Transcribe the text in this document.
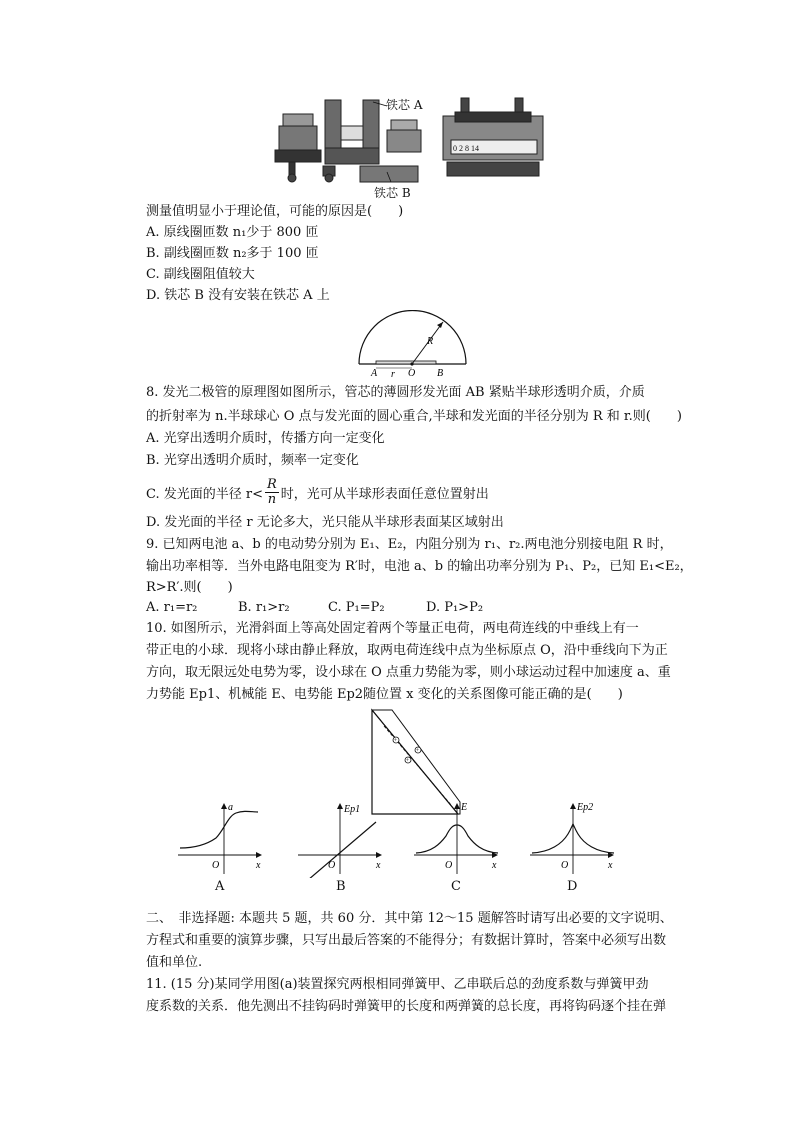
0 2 8 14
铁芯 A
铁芯 B
测量值明显小于理论值，可能的原因是(　　)
A. 原线圈匝数 n₁少于 800 匝
B. 副线圈匝数 n₂多于 100 匝
C. 副线圈阻值较大
D. 铁芯 B 没有安装在铁芯 A 上
R
A r O B
8. 发光二极管的原理图如图所示，管芯的薄圆形发光面 AB 紧贴半球形透明介质，介质
的折射率为 n.半球球心 O 点与发光面的圆心重合,半球和发光面的半径分别为 R 和 r.则(　　)
A. 光穿出透明介质时，传播方向一定变化
B. 光穿出透明介质时，频率一定变化
C. 发光面的半径 $r< \frac{R}{n}$ 时，光可从半球形表面任意位置射出
D. 发光面的半径 r 无论多大，光只能从半球形表面某区域射出
9. 已知两电池 a、b 的电动势分别为 E₁、E₂，内阻分别为 r₁、r₂.两电池分别接电阻 R 时，
输出功率相等．当外电路电阻变为 R′时，电池 a、b 的输出功率分别为 P₁、P₂，已知 E₁<E₂，
R>R′.则(　　)
A. r₁=r₂	B. r₁>r₂	C. P₁=P₂	D. P₁>P₂
10. 如图所示，光滑斜面上等高处固定着两个等量正电荷，两电荷连线的中垂线上有一
带正电的小球．现将小球由静止释放，取两电荷连线中点为坐标原点 O，沿中垂线向下为正
方向，取无限远处电势为零，设小球在 O 点重力势能为零，则小球运动过程中加速度 a、重
力势能 Ep1、机械能 E、电势能 Ep2随位置 x 变化的关系图像可能正确的是(　　)
+
+
+
a
O	x
A
Ep1
O	x
B
E
O	x
C
Ep2
O	x
D
二、　非选择题: 本题共 5 题，共 60 分．其中第 12～15 题解答时请写出必要的文字说明、
方程式和重要的演算步骤，只写出最后答案的不能得分；有数据计算时，答案中必须写出数
值和单位.
11. (15 分)某同学用图(a)装置探究两根相同弹簧甲、乙串联后总的劲度系数与弹簧甲劲
度系数的关系．他先测出不挂钩码时弹簧甲的长度和两弹簧的总长度，再将钩码逐个挂在弹
